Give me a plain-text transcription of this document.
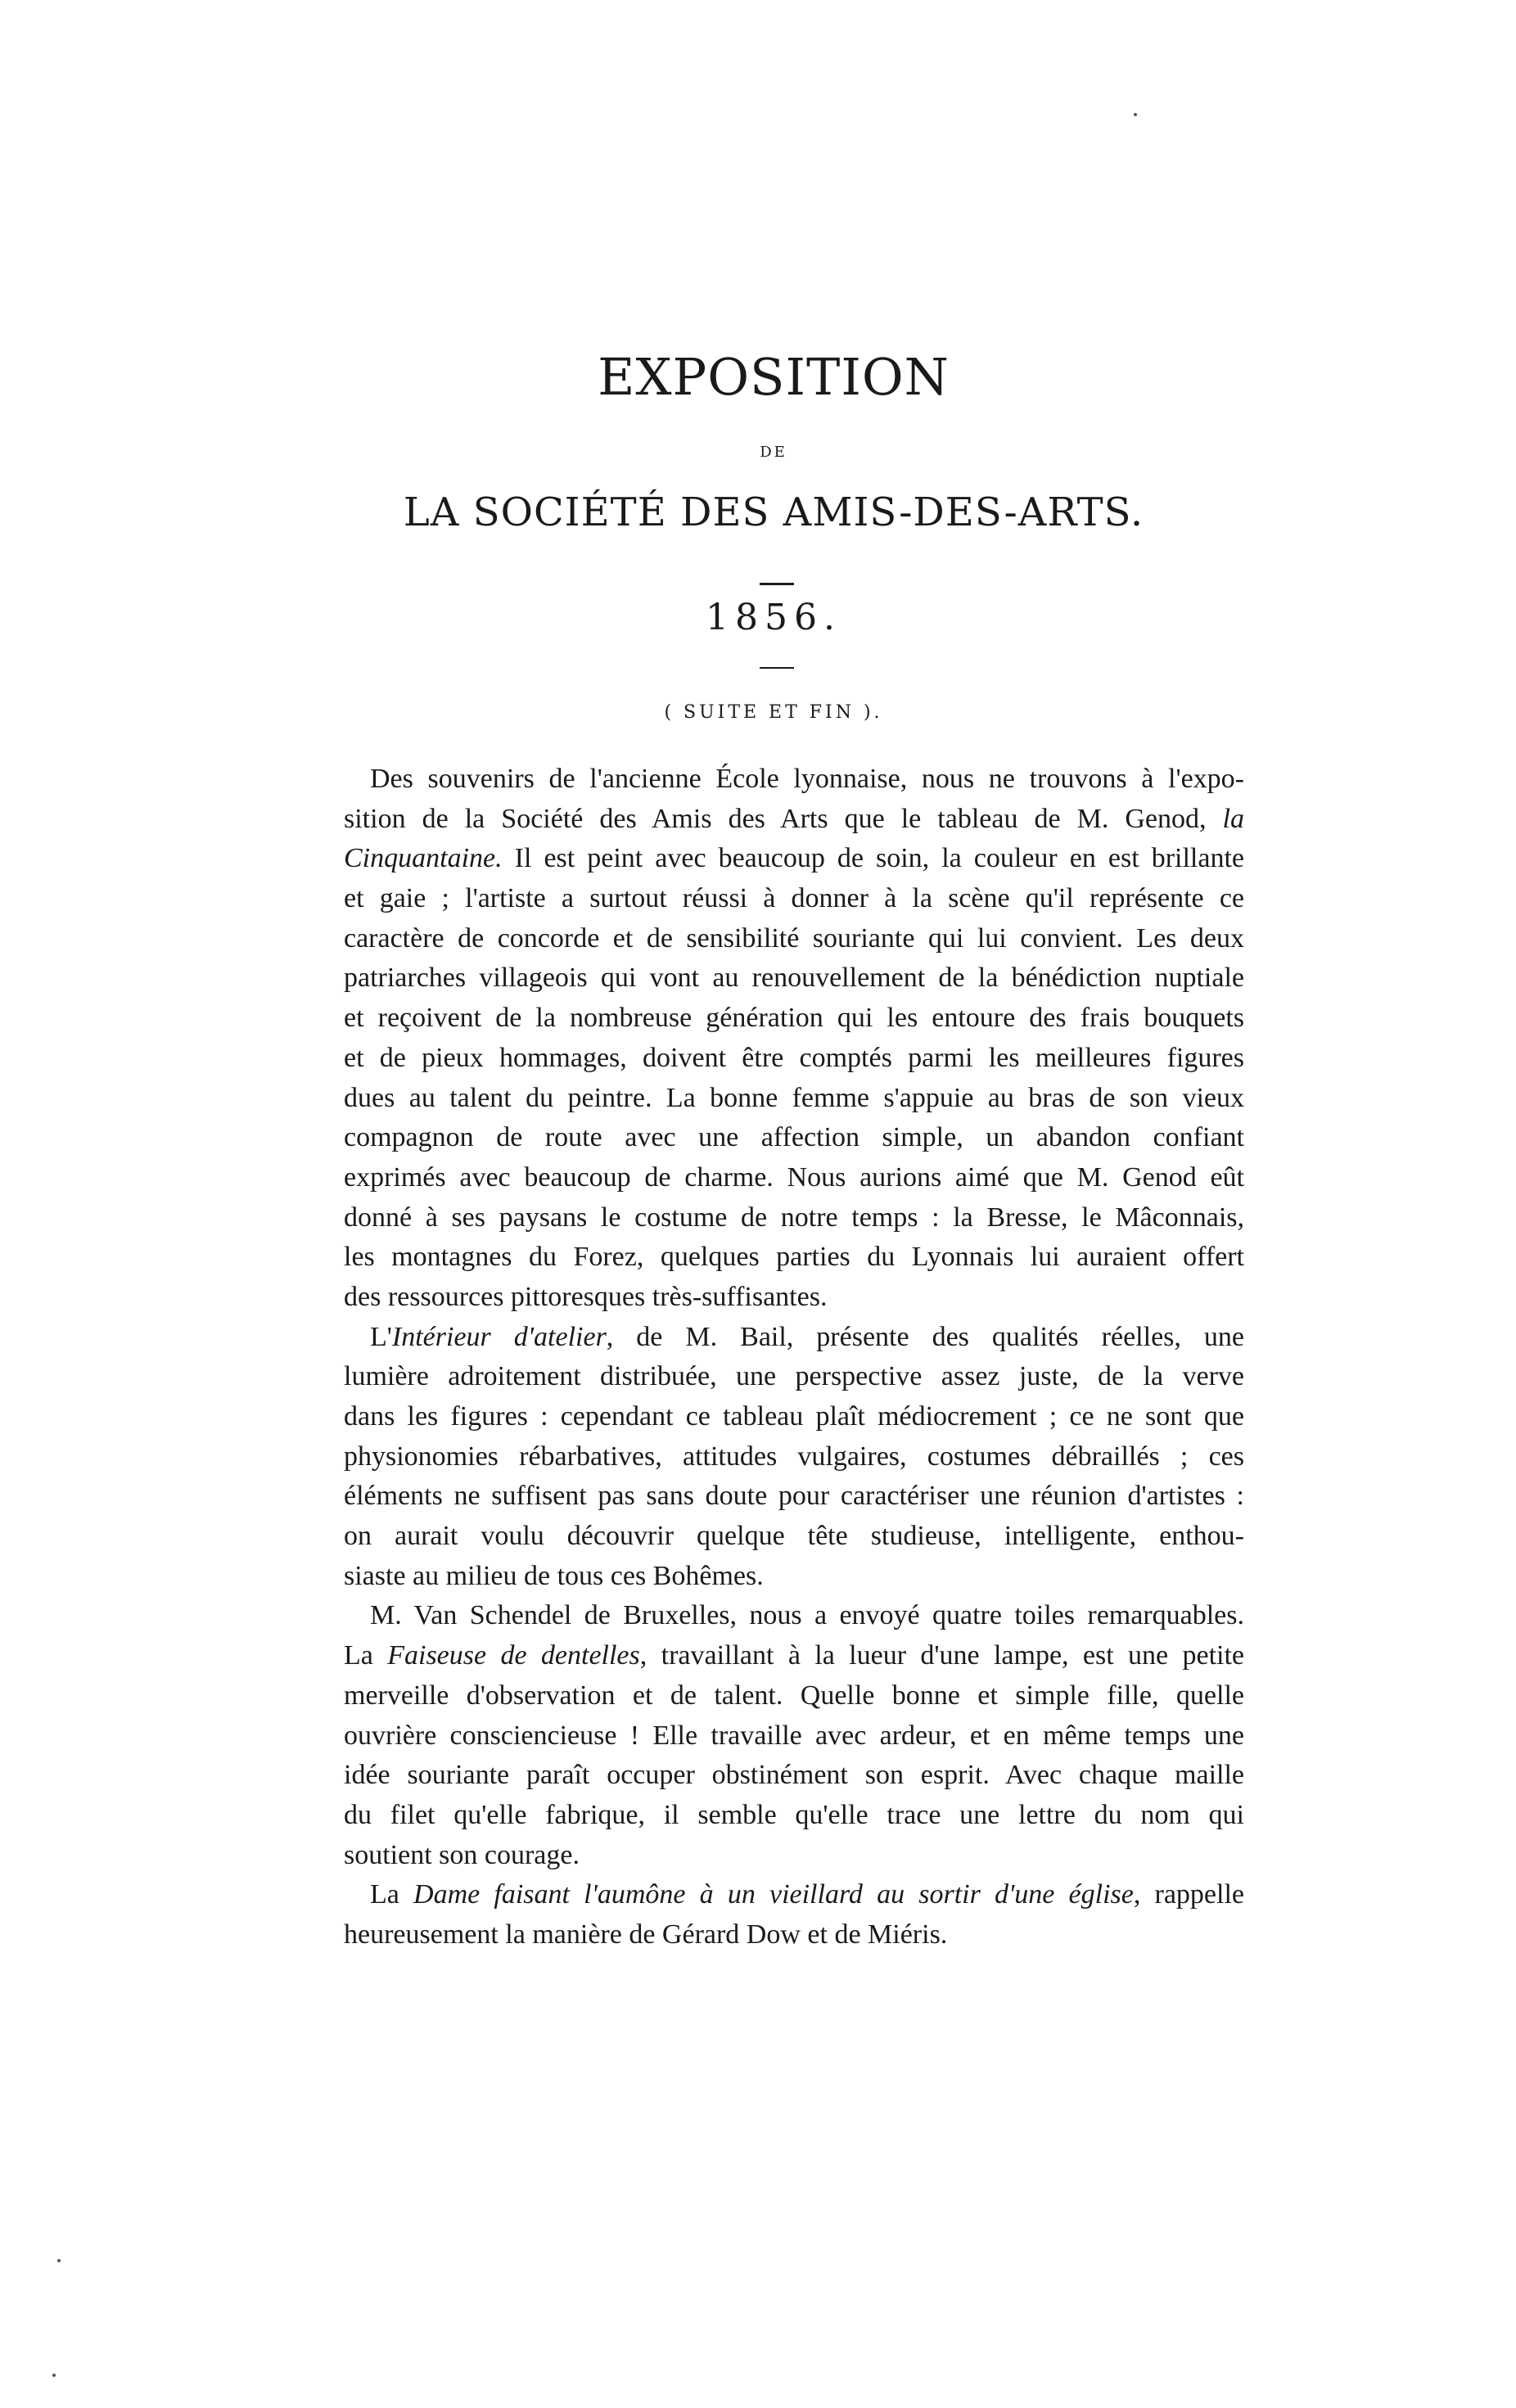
EXPOSITION
DE
LA SOCIÉTÉ DES AMIS-DES-ARTS.
1856.
( SUITE ET FIN ).
Des souvenirs de l'ancienne École lyonnaise, nous ne trouvons à l'expo-
sition de la Société des Amis des Arts que le tableau de M. Genod, la
Cinquantaine. Il est peint avec beaucoup de soin, la couleur en est brillante
et gaie ; l'artiste a surtout réussi à donner à la scène qu'il représente ce
caractère de concorde et de sensibilité souriante qui lui convient. Les deux
patriarches villageois qui vont au renouvellement de la bénédiction nuptiale
et reçoivent de la nombreuse génération qui les entoure des frais bouquets
et de pieux hommages, doivent être comptés parmi les meilleures figures
dues au talent du peintre. La bonne femme s'appuie au bras de son vieux
compagnon de route avec une affection simple, un abandon confiant
exprimés avec beaucoup de charme. Nous aurions aimé que M. Genod eût
donné à ses paysans le costume de notre temps : la Bresse, le Mâconnais,
les montagnes du Forez, quelques parties du Lyonnais lui auraient offert
des ressources pittoresques très-suffisantes.
L'Intérieur d'atelier, de M. Bail, présente des qualités réelles, une
lumière adroitement distribuée, une perspective assez juste, de la verve
dans les figures : cependant ce tableau plaît médiocrement ; ce ne sont que
physionomies rébarbatives, attitudes vulgaires, costumes débraillés ; ces
éléments ne suffisent pas sans doute pour caractériser une réunion d'artistes :
on aurait voulu découvrir quelque tête studieuse, intelligente, enthou-
siaste au milieu de tous ces Bohêmes.
M. Van Schendel de Bruxelles, nous a envoyé quatre toiles remarquables.
La Faiseuse de dentelles, travaillant à la lueur d'une lampe, est une petite
merveille d'observation et de talent. Quelle bonne et simple fille, quelle
ouvrière consciencieuse ! Elle travaille avec ardeur, et en même temps une
idée souriante paraît occuper obstinément son esprit. Avec chaque maille
du filet qu'elle fabrique, il semble qu'elle trace une lettre du nom qui
soutient son courage.
La Dame faisant l'aumône à un vieillard au sortir d'une église, rappelle
heureusement la manière de Gérard Dow et de Miéris.
